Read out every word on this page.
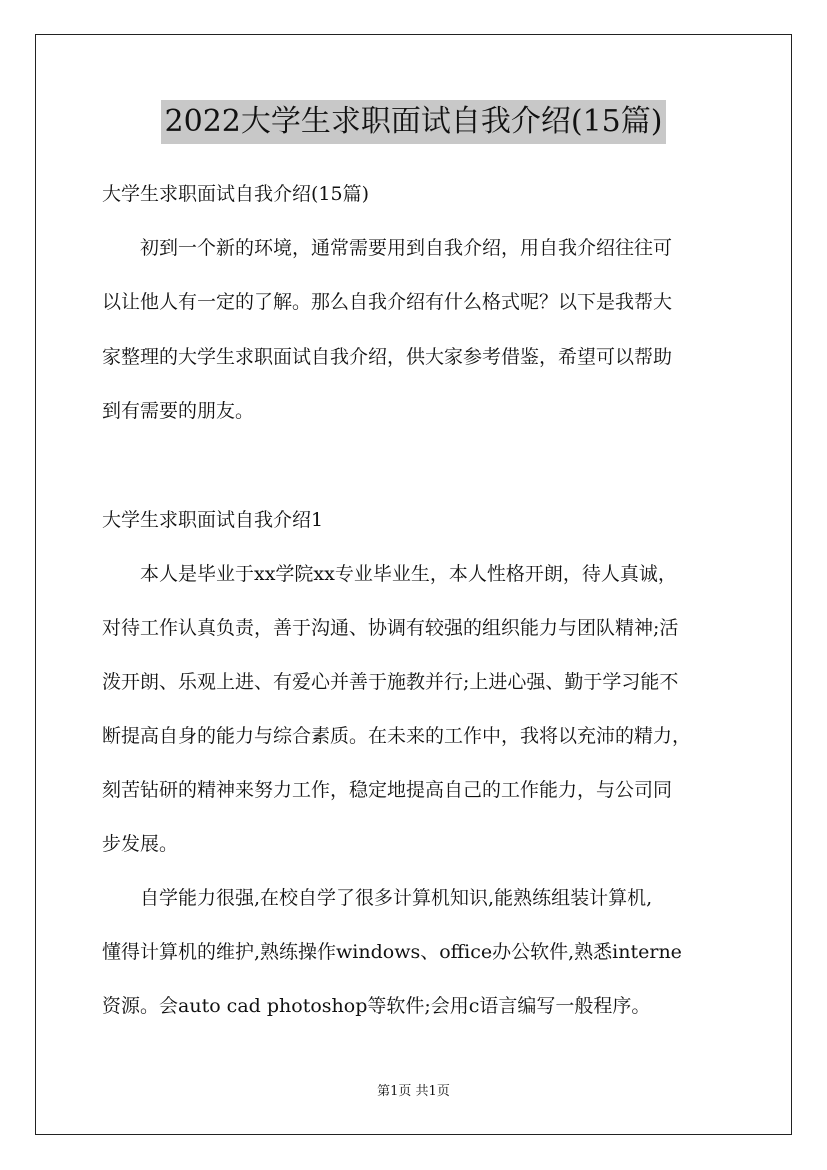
2022大学生求职面试自我介绍(15篇)
大学生求职面试自我介绍(15篇)
　　初到一个新的环境，通常需要用到自我介绍，用自我介绍往往可
以让他人有一定的了解。那么自我介绍有什么格式呢？以下是我帮大
家整理的大学生求职面试自我介绍，供大家参考借鉴，希望可以帮助
到有需要的朋友。
大学生求职面试自我介绍1
　　本人是毕业于xx学院xx专业毕业生，本人性格开朗，待人真诚，
对待工作认真负责，善于沟通、协调有较强的组织能力与团队精神;活
泼开朗、乐观上进、有爱心并善于施教并行;上进心强、勤于学习能不
断提高自身的能力与综合素质。在未来的工作中，我将以充沛的精力，
刻苦钻研的精神来努力工作，稳定地提高自己的工作能力，与公司同
步发展。
　　自学能力很强,在校自学了很多计算机知识,能熟练组装计算机,
懂得计算机的维护,熟练操作windows、office办公软件,熟悉interne
资源。会auto cad photoshop等软件;会用c语言编写一般程序。
第1页 共1页
